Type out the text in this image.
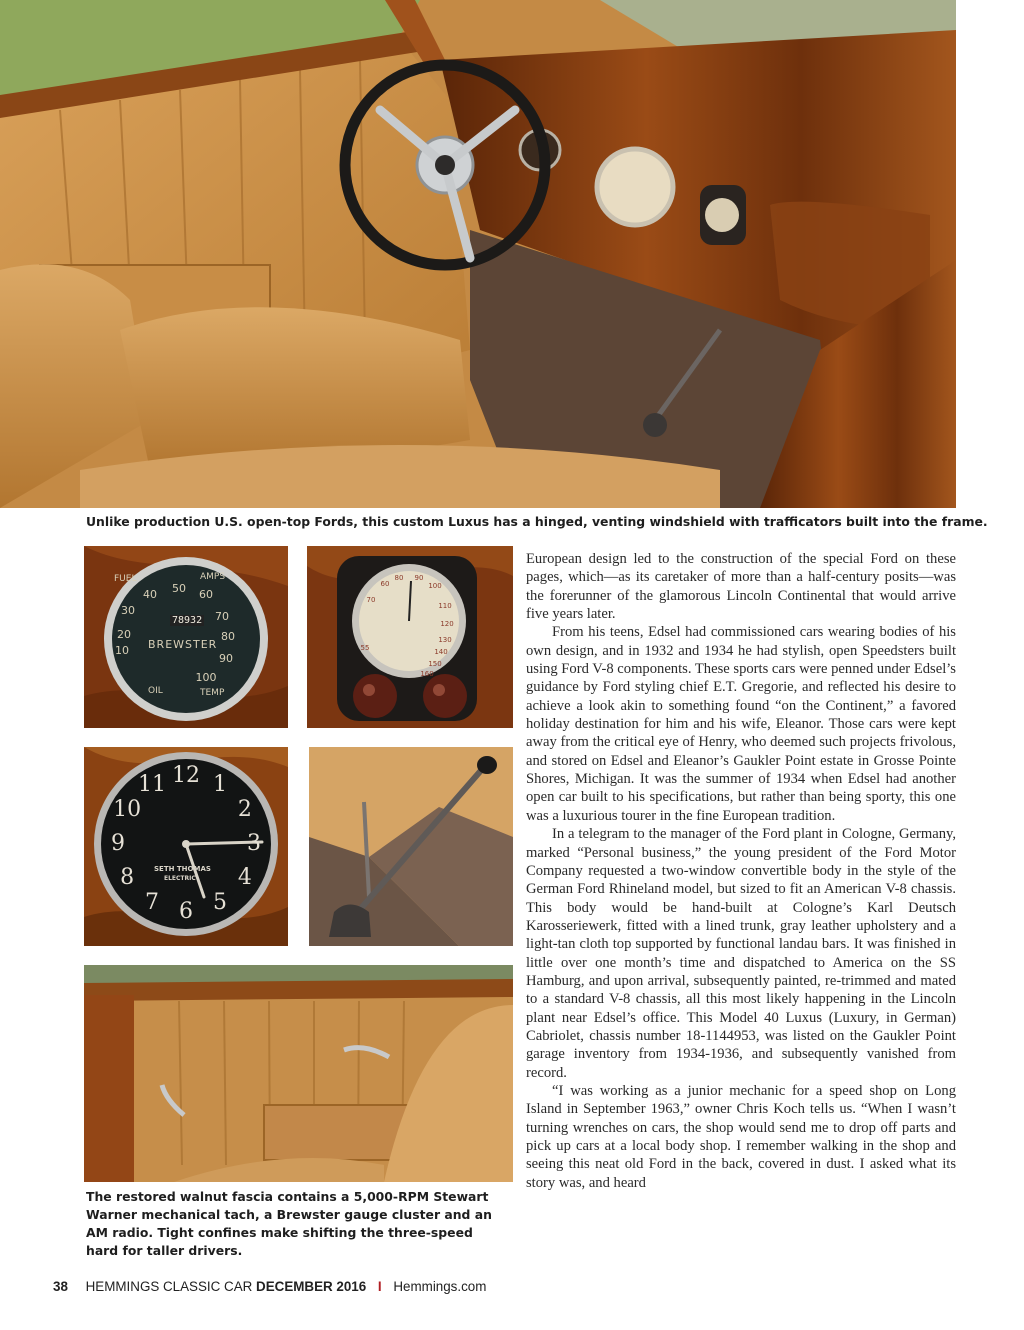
Unlike production U.S. open-top Fords, this custom Luxus has a hinged, venting windshield with trafficators built into the frame.
30
40 50 60
70
80
90
100
20
10
FUEL	AMPS
78932
BREWSTER
OIL	TEMP
60
80 90
100
110
120
130
140
150
160
70
55
12 1
2
3
4
5
6
7
8
9
10
11
SETH THOMAS
ELECTRIC
The restored walnut fascia contains a 5,000-RPM Stewart Warner mechanical tach, a Brewster gauge cluster and an AM radio. Tight confines make shifting the three-speed hard for taller drivers.

European design led to the construction of the special Ford on these pages, which—as its caretaker of more than a half-century posits—was the forerunner of the glamorous Lincoln Continental that would arrive five years later.

From his teens, Edsel had commissioned cars wearing bodies of his own design, and in 1932 and 1934 he had stylish, open Speedsters built using Ford V-8 components. These sports cars were penned under Edsel’s guidance by Ford styling chief E.T. Gregorie, and reflected his desire to achieve a look akin to something found “on the Continent,” a favored holiday destination for him and his wife, Eleanor. Those cars were kept away from the critical eye of Henry, who deemed such projects frivolous, and stored on Edsel and Eleanor’s Gaukler Point estate in Grosse Pointe Shores, Michigan. It was the summer of 1934 when Edsel had another open car built to his specifications, but rather than being sporty, this one was a luxurious tourer in the fine European tradition.

In a telegram to the manager of the Ford plant in Cologne, Germany, marked “Personal business,” the young president of the Ford Motor Company requested a two-window convertible body in the style of the German Ford Rhineland model, but sized to fit an American V-8 chassis. This body would be hand-built at Cologne’s Karl Deutsch Karosseriewerk, fitted with a lined trunk, gray leather upholstery and a light-tan cloth top supported by functional landau bars. It was finished in little over one month’s time and dispatched to America on the SS Hamburg, and upon arrival, subsequently painted, re-trimmed and mated to a standard V-8 chassis, all this most likely happening in the Lincoln plant near Edsel’s office. This Model 40 Luxus (Luxury, in German) Cabriolet, chassis number 18-1144953, was listed on the Gaukler Point garage inventory from 1934-1936, and subsequently vanished from record.

“I was working as a junior mechanic for a speed shop on Long Island in September 1963,” owner Chris Koch tells us. “When I wasn’t turning wrenches on cars, the shop would send me to drop off parts and pick up cars at a local body shop. I remember walking in the shop and seeing this neat old Ford in the back, covered in dust. I asked what its story was, and heard

38 HEMMINGS CLASSIC CAR DECEMBER 2016 I Hemmings.com
